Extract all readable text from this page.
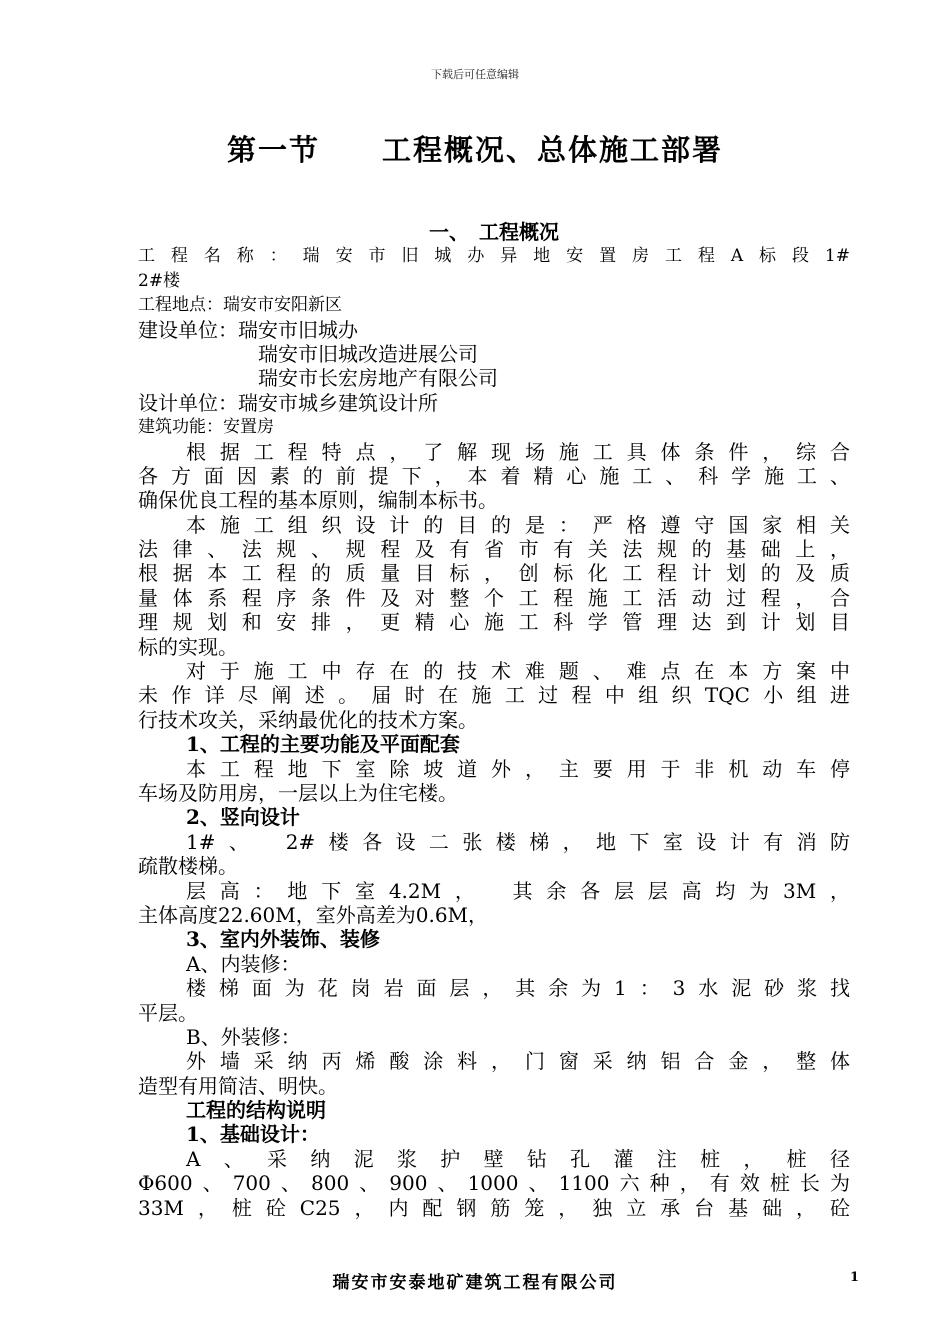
下载后可任意编辑
第一节　　工程概况、总体施工部署
一、　工程概况
工程名称：瑞安市旧城办异地安置房工程A标段1#
2#楼
工程地点：瑞安市安阳新区
建设单位：瑞安市旧城办
瑞安市旧城改造进展公司
瑞安市长宏房地产有限公司
设计单位：瑞安市城乡建筑设计所
建筑功能：安置房
根据工程特点，了解现场施工具体条件，综合
各方面因素的前提下，本着精心施工、科学施工、
确保优良工程的基本原则，编制本标书。
本施工组织设计的目的是：严格遵守国家相关
法律、法规、规程及有省市有关法规的基础上，
根据本工程的质量目标，创标化工程计划的及质
量体系程序条件及对整个工程施工活动过程，合
理规划和安排，更精心施工科学管理达到计划目
标的实现。
对于施工中存在的技术难题、难点在本方案中
未作详尽阐述。届时在施工过程中组织TQC小组进
行技术攻关，采纳最优化的技术方案。
1、工程的主要功能及平面配套
本工程地下室除坡道外，主要用于非机动车停
车场及防用房，一层以上为住宅楼。
2、竖向设计
1#、　2#楼各设二张楼梯，地下室设计有消防
疏散楼梯。
层高：地下室4.2M，　其余各层层高均为3M，
主体高度22.60M，室外高差为0.6M，
3、室内外装饰、装修
A、内装修：
楼梯面为花岗岩面层，其余为1：3水泥砂浆找
平层。
B、外装修：
外墙采纳丙烯酸涂料，门窗采纳铝合金，整体
造型有用简洁、明快。
工程的结构说明
1、基础设计：
A、采纳泥浆护壁钻孔灌注桩，桩径
Φ600、700、800、900、1000、1100六种，有效桩长为
33M，桩砼C25，内配钢筋笼，独立承台基础，砼
瑞安市安泰地矿建筑工程有限公司	1
